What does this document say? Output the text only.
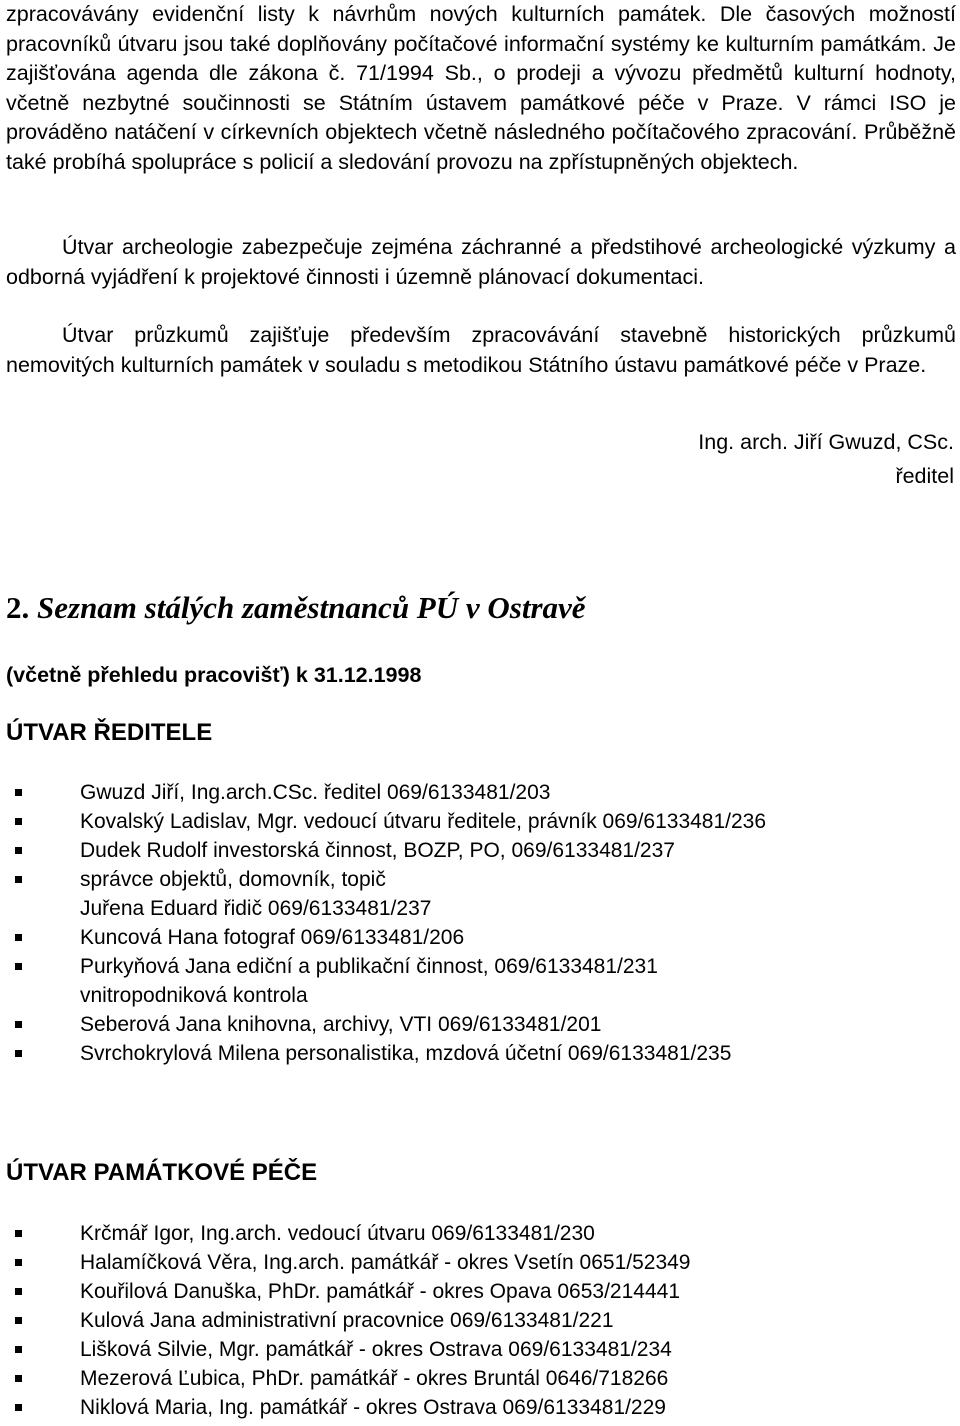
zpracovávány evidenční listy k návrhům nových kulturních památek. Dle časových možností pracovníků útvaru jsou také doplňovány počítačové informační systémy ke kulturním památkám. Je zajišťována agenda dle zákona č. 71/1994 Sb., o prodeji a vývozu předmětů kulturní hodnoty, včetně nezbytné součinnosti se Státním ústavem památkové péče v Praze. V rámci ISO je prováděno natáčení v církevních objektech včetně následného počítačového zpracování. Průběžně také probíhá spolupráce s policií a sledování provozu na zpřístupněných objektech.

Útvar archeologie zabezpečuje zejména záchranné a předstihové archeologické výzkumy a odborná vyjádření k projektové činnosti i územně plánovací dokumentaci.

Útvar průzkumů zajišťuje především zpracovávání stavebně historických průzkumů nemovitých kulturních památek v souladu s metodikou Státního ústavu památkové péče v Praze.

Ing. arch. Jiří Gwuzd, CSc.
ředitel
2. Seznam stálých zaměstnanců PÚ v Ostravě

(včetně přehledu pracovišť) k 31.12.1998

ÚTVAR ŘEDITELE
Gwuzd Jiří, Ing.arch.CSc. ředitel 069/6133481/203
Kovalský Ladislav, Mgr. vedoucí útvaru ředitele, právník 069/6133481/236
Dudek Rudolf investorská činnost, BOZP, PO, 069/6133481/237
správce objektů, domovník, topič
Juřena Eduard řidič 069/6133481/237
Kuncová Hana fotograf 069/6133481/206
Purkyňová Jana ediční a publikační činnost, 069/6133481/231
vnitropodniková kontrola
Seberová Jana knihovna, archivy, VTI 069/6133481/201
Svrchokrylová Milena personalistika, mzdová účetní 069/6133481/235
ÚTVAR PAMÁTKOVÉ PÉČE
Krčmář Igor, Ing.arch. vedoucí útvaru 069/6133481/230
Halamíčková Věra, Ing.arch. památkář - okres Vsetín 0651/52349
Kouřilová Danuška, PhDr. památkář - okres Opava 0653/214441
Kulová Jana administrativní pracovnice 069/6133481/221
Lišková Silvie, Mgr. památkář - okres Ostrava 069/6133481/234
Mezerová Ľubica, PhDr. památkář - okres Bruntál 0646/718266
Niklová Maria, Ing. památkář - okres Ostrava 069/6133481/229
